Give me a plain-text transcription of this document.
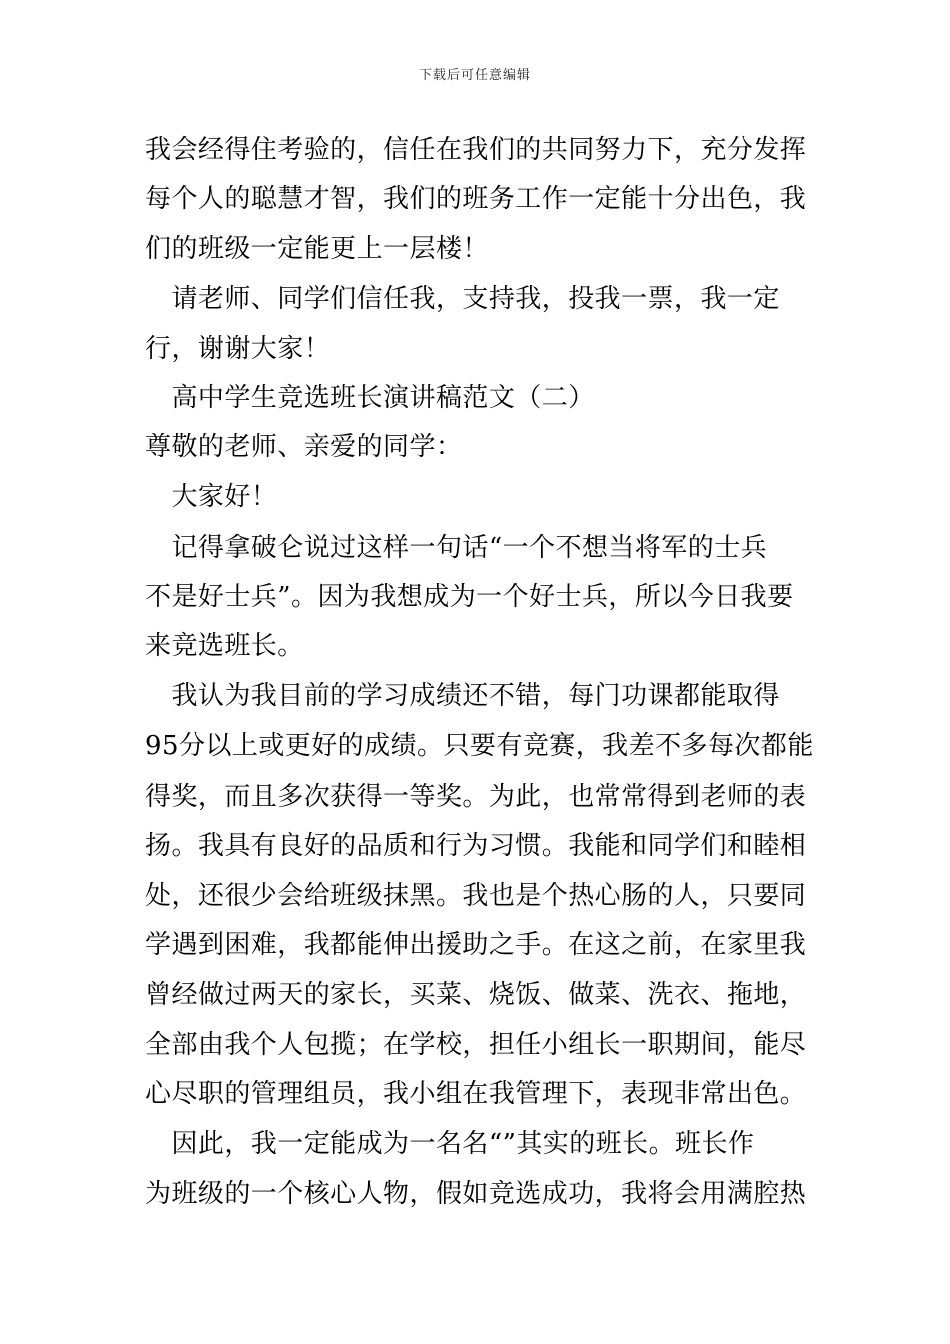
下载后可任意编辑
我会经得住考验的，信任在我们的共同努力下，充分发挥
每个人的聪慧才智，我们的班务工作一定能十分出色，我
们的班级一定能更上一层楼！
　请老师、同学们信任我，支持我，投我一票，我一定
行，谢谢大家！
　高中学生竞选班长演讲稿范文（二）
尊敬的老师、亲爱的同学：
　大家好！
　记得拿破仑说过这样一句话“一个不想当将军的士兵
不是好士兵”。因为我想成为一个好士兵，所以今日我要
来竞选班长。
　我认为我目前的学习成绩还不错，每门功课都能取得
95分以上或更好的成绩。只要有竞赛，我差不多每次都能
得奖，而且多次获得一等奖。为此，也常常得到老师的表
扬。我具有良好的品质和行为习惯。我能和同学们和睦相
处，还很少会给班级抹黑。我也是个热心肠的人，只要同
学遇到困难，我都能伸出援助之手。在这之前，在家里我
曾经做过两天的家长，买菜、烧饭、做菜、洗衣、拖地，
全部由我个人包揽；在学校，担任小组长一职期间，能尽
心尽职的管理组员，我小组在我管理下，表现非常出色。
　因此，我一定能成为一名名“”其实的班长。班长作
为班级的一个核心人物，假如竞选成功，我将会用满腔热
